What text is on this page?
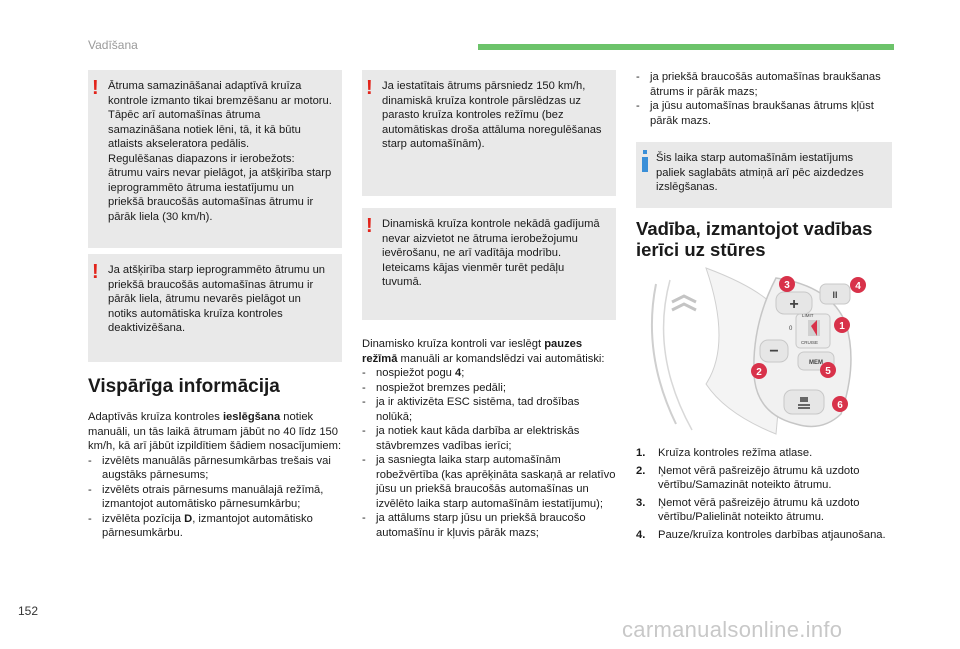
Vadīšana
! Ātruma samazināšanai adaptīvā kruīza kontrole izmanto tikai bremzēšanu ar motoru. Tāpēc arī automašīnas ātruma samazināšana notiek lēni, tā, it kā būtu atlaists akseleratora pedālis.
Regulēšanas diapazons ir ierobežots: ātrumu vairs nevar pielāgot, ja atšķirība starp ieprogrammēto ātruma iestatījumu un priekšā braucošās automašīnas ātrumu ir pārāk liela (30 km/h).
! Ja atšķirība starp ieprogrammēto ātrumu un priekšā braucošās automašīnas ātrumu ir pārāk liela, ātrumu nevarēs pielāgot un notiks automātiska kruīza kontroles deaktivizēšana.
Vispārīga informācija
Adaptīvās kruīza kontroles ieslēgšana notiek manuāli, un tās laikā ātrumam jābūt no 40 līdz 150 km/h, kā arī jābūt izpildītiem šādiem nosacījumiem:
- izvēlēts manuālās pārnesumkārbas trešais vai augstāks pārnesums;
- izvēlēts otrais pārnesums manuālajā režīmā, izmantojot automātisko pārnesumkārbu;
- izvēlēta pozīcija D, izmantojot automātisko pārnesumkārbu.
! Ja iestatītais ātrums pārsniedz 150 km/h, dinamiskā kruīza kontrole pārslēdzas uz parasto kruīza kontroles režīmu (bez automātiskas droša attāluma noregulēšanas starp automašīnām).
! Dinamiskā kruīza kontrole nekādā gadījumā nevar aizvietot ne ātruma ierobežojumu ievērošanu, ne arī vadītāja modrību.
Ieteicams kājas vienmēr turēt pedāļu tuvumā.
Dinamisko kruīza kontroli var ieslēgt pauzes režīmā manuāli ar komandslēdzi vai automātiski:
- nospiežot pogu 4;
- nospiežot bremzes pedāli;
- ja ir aktivizēta ESC sistēma, tad drošības nolūkā;
- ja notiek kaut kāda darbība ar elektriskās stāvbremzes vadības ierīci;
- ja sasniegta laika starp automašīnām robežvērtība (kas aprēķināta saskaņā ar relatīvo jūsu un priekšā braucošās automašīnas un izvēlēto laika starp automašīnām iestatījumu);
- ja attālums starp jūsu un priekšā braucošo automašīnu ir kļuvis pārāk mazs;
- ja priekšā braucošās automašīnas braukšanas ātrums ir pārāk mazs;
- ja jūsu automašīnas braukšanas ātrums kļūst pārāk mazs.
Šis laika starp automašīnām iestatījums paliek saglabāts atmiņā arī pēc aizdedzes izslēgšanas.
Vadība, izmantojot vadības
ierīci uz stūres
+
II
LIMIT
CRUISE
0
−
MEM
3	4
1
2	5
6
1. Kruīza kontroles režīma atlase.
2. Ņemot vērā pašreizējo ātrumu kā uzdoto vērtību/Samazināt noteikto ātrumu.
3. Ņemot vērā pašreizējo ātrumu kā uzdoto vērtību/Palielināt noteikto ātrumu.
4. Pauze/kruīza kontroles darbības atjaunošana.
152
carmanualsonline.info
